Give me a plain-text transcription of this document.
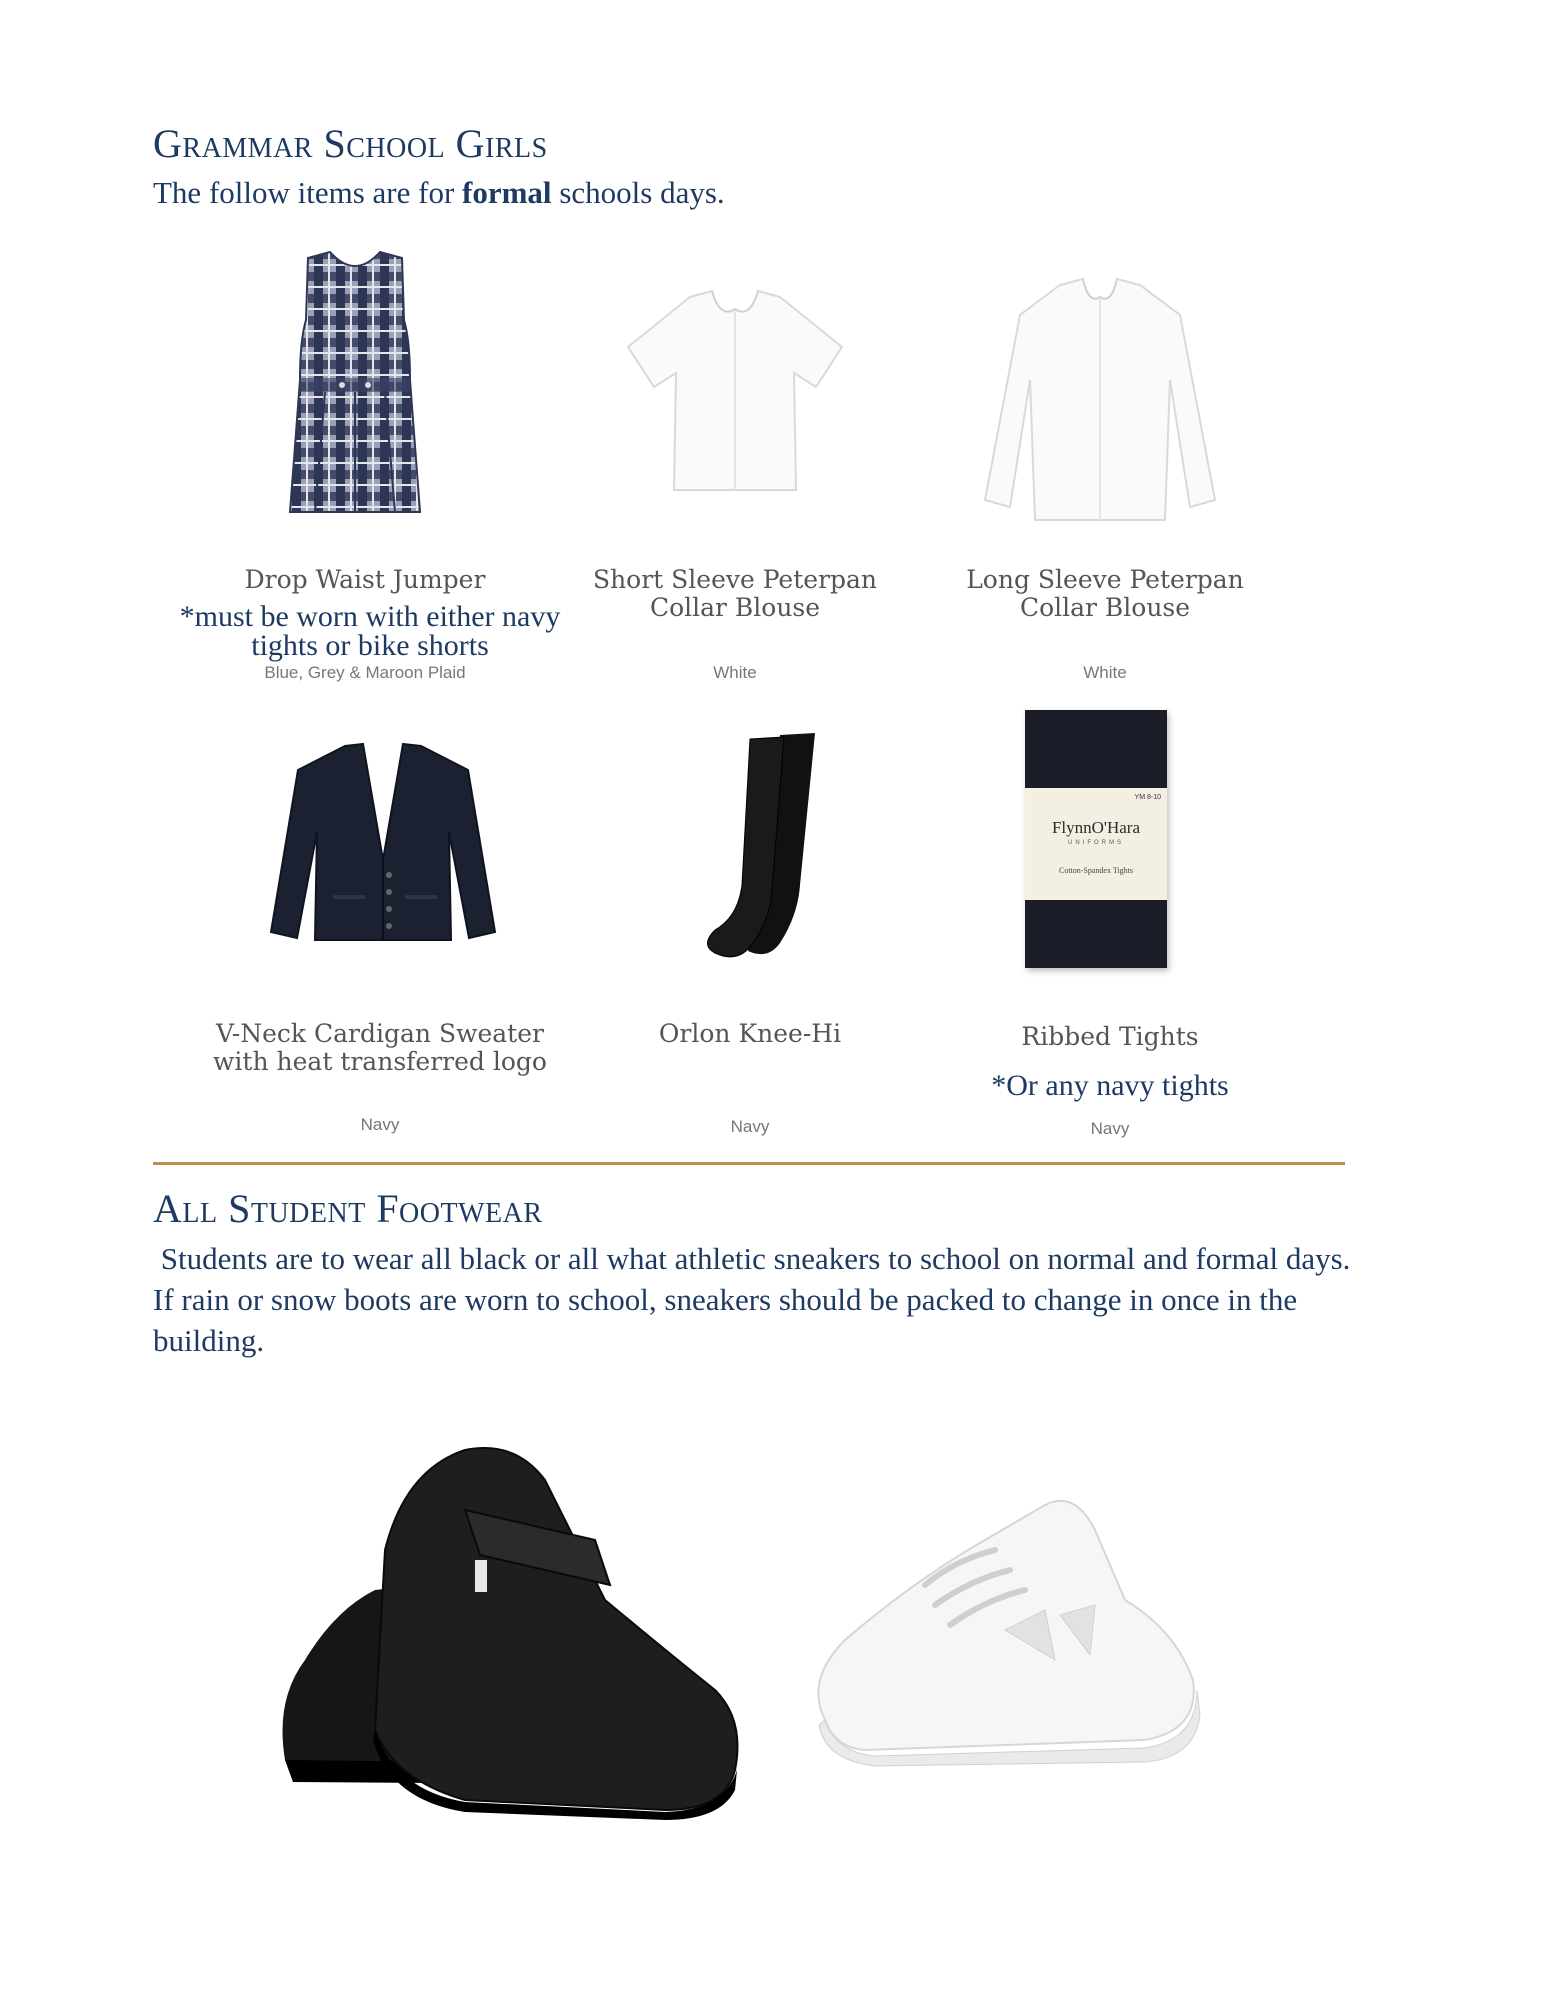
Grammar School Girls
The follow items are for formal schools days.
Drop Waist Jumper
*must be worn with either navy tights or bike shorts
Blue, Grey & Maroon Plaid
Short Sleeve Peterpan Collar Blouse
White
Long Sleeve Peterpan Collar Blouse
White
V-Neck Cardigan Sweater with heat transferred logo
Navy
Orlon Knee-Hi
Navy
YM 8-10
FlynnO'Hara
UNIFORMS
Cotton-Spandex Tights
Ribbed Tights
*Or any navy tights
Navy
All Student Footwear
Students are to wear all black or all what athletic sneakers to school on normal and formal days. If rain or snow boots are worn to school, sneakers should be packed to change in once in the building.
